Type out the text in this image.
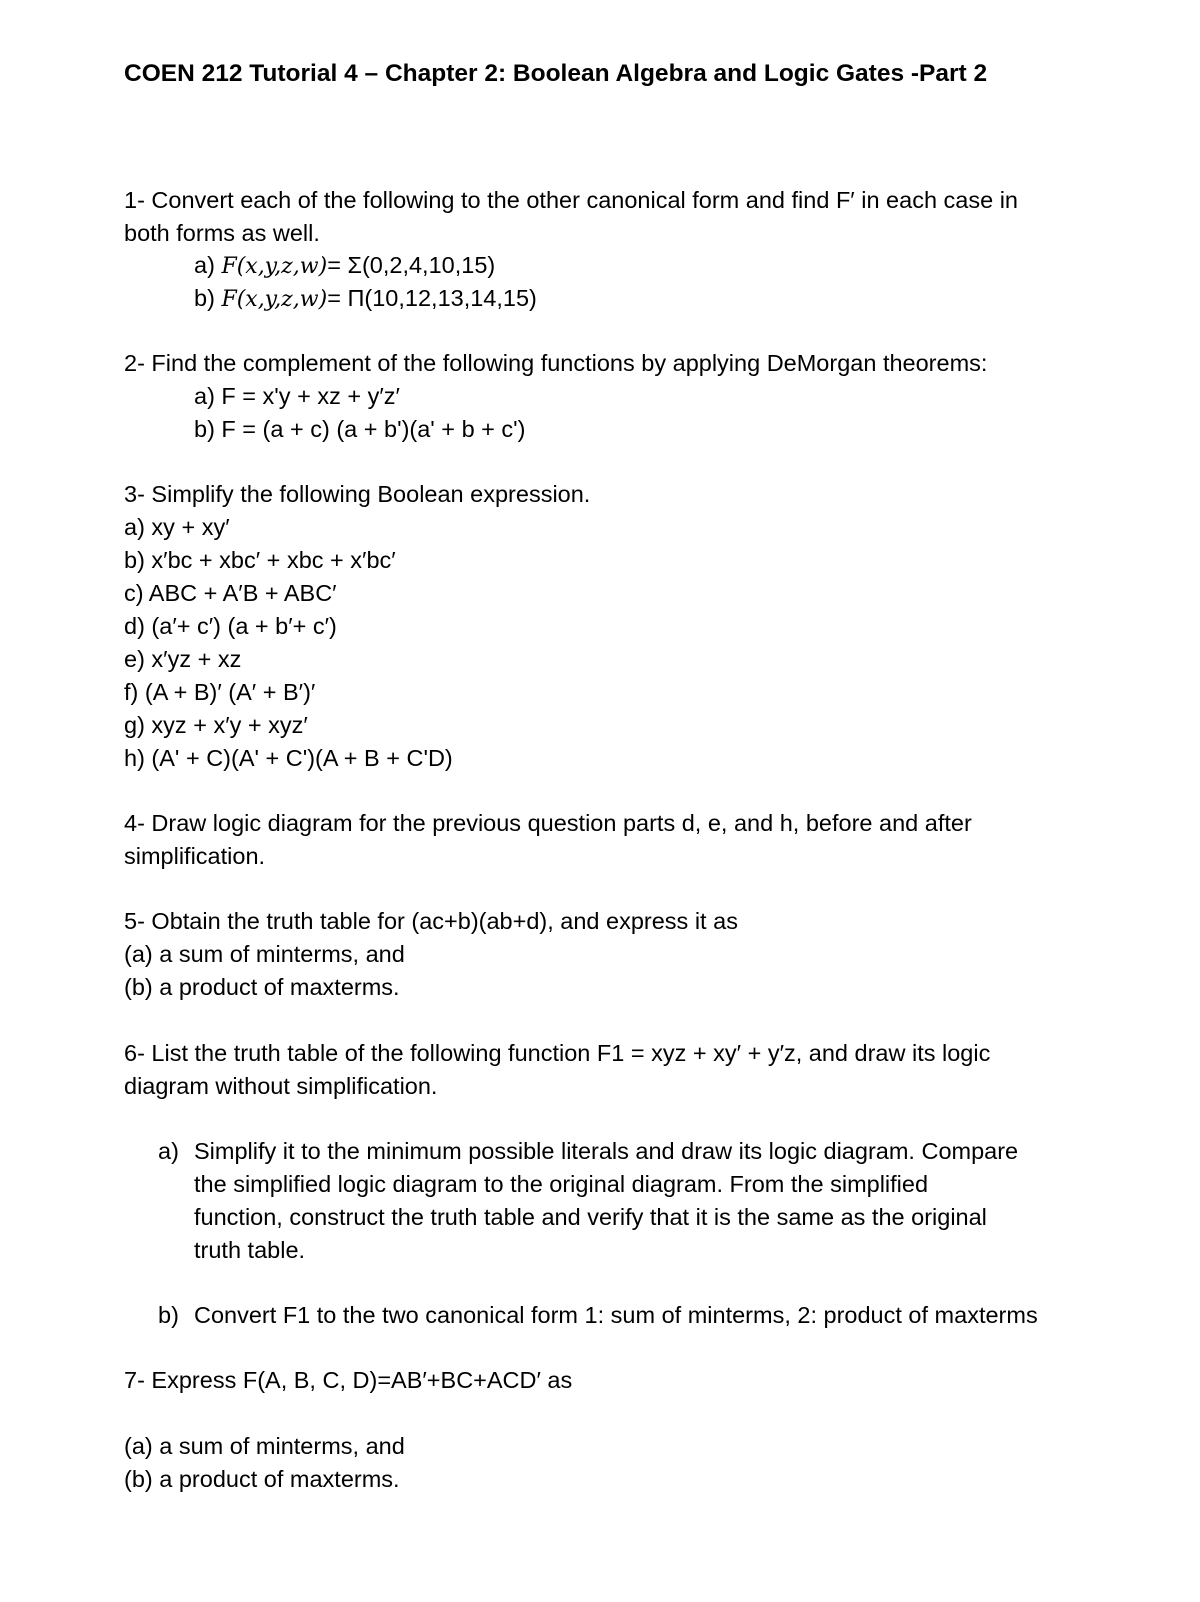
COEN 212 Tutorial 4 – Chapter 2: Boolean Algebra and Logic Gates -Part 2
1- Convert each of the following to the other canonical form and find F′ in each case in
both forms as well.
a) F(x,y,z,w)= Σ(0,2,4,10,15)
b) F(x,y,z,w)= Π(10,12,13,14,15)
2- Find the complement of the following functions by applying DeMorgan theorems:
a) F = x'y + xz + y′z′
b) F = (a + c) (a + b')(a' + b + c')
3- Simplify the following Boolean expression.
a) xy + xy′
b) x′bc + xbc′ + xbc + x′bc′
c) ABC + A′B + ABC′
d) (a′+ c′) (a + b′+ c′)
e) x′yz + xz
f) (A + B)′ (A′ + B′)′
g) xyz + x′y + xyz′
h) (A' + C)(A' + C')(A + B + C'D)
4- Draw logic diagram for the previous question parts d, e, and h, before and after
simplification.
5- Obtain the truth table for (ac+b)(ab+d), and express it as
(a) a sum of minterms, and
(b) a product of maxterms.
6- List the truth table of the following function F1 = xyz + xy′ + y′z, and draw its logic
diagram without simplification.
a) Simplify it to the minimum possible literals and draw its logic diagram. Compare
the simplified logic diagram to the original diagram. From the simplified
function, construct the truth table and verify that it is the same as the original
truth table.
b) Convert F1 to the two canonical form 1: sum of minterms, 2: product of maxterms
7- Express F(A, B, C, D)=AB′+BC+ACD′ as
(a) a sum of minterms, and
(b) a product of maxterms.
